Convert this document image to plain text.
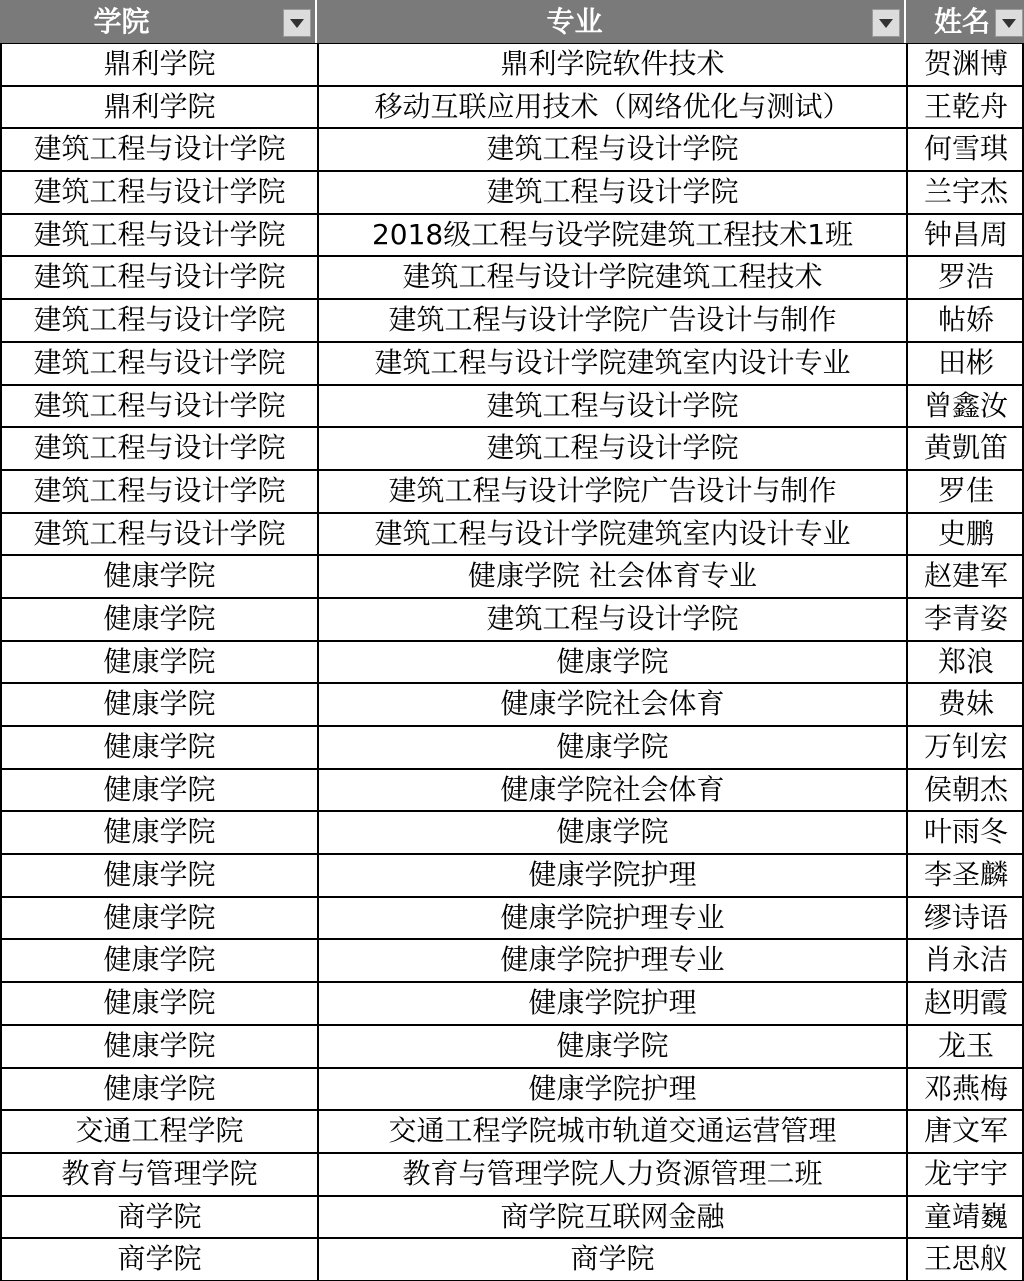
学院	专业	姓名
鼎利学院	鼎利学院软件技术	贺渊博
鼎利学院	移动互联应用技术（网络优化与测试）	王乾舟
建筑工程与设计学院	建筑工程与设计学院	何雪琪
建筑工程与设计学院	建筑工程与设计学院	兰宇杰
建筑工程与设计学院	2018级工程与设学院建筑工程技术1班	钟昌周
建筑工程与设计学院	建筑工程与设计学院建筑工程技术	罗浩
建筑工程与设计学院	建筑工程与设计学院广告设计与制作	帖娇
建筑工程与设计学院	建筑工程与设计学院建筑室内设计专业	田彬
建筑工程与设计学院	建筑工程与设计学院	曾鑫汝
建筑工程与设计学院	建筑工程与设计学院	黄凱笛
建筑工程与设计学院	建筑工程与设计学院广告设计与制作	罗佳
建筑工程与设计学院	建筑工程与设计学院建筑室内设计专业	史鹏
健康学院	健康学院 社会体育专业	赵建军
健康学院	建筑工程与设计学院	李青姿
健康学院	健康学院	郑浪
健康学院	健康学院社会体育	费妹
健康学院	健康学院	万钊宏
健康学院	健康学院社会体育	侯朝杰
健康学院	健康学院	叶雨冬
健康学院	健康学院护理	李圣麟
健康学院	健康学院护理专业	缪诗语
健康学院	健康学院护理专业	肖永洁
健康学院	健康学院护理	赵明霞
健康学院	健康学院	龙玉
健康学院	健康学院护理	邓燕梅
交通工程学院	交通工程学院城市轨道交通运营管理	唐文军
教育与管理学院	教育与管理学院人力资源管理二班	龙宇宇
商学院	商学院互联网金融	童靖巍
商学院	商学院	王思舣
